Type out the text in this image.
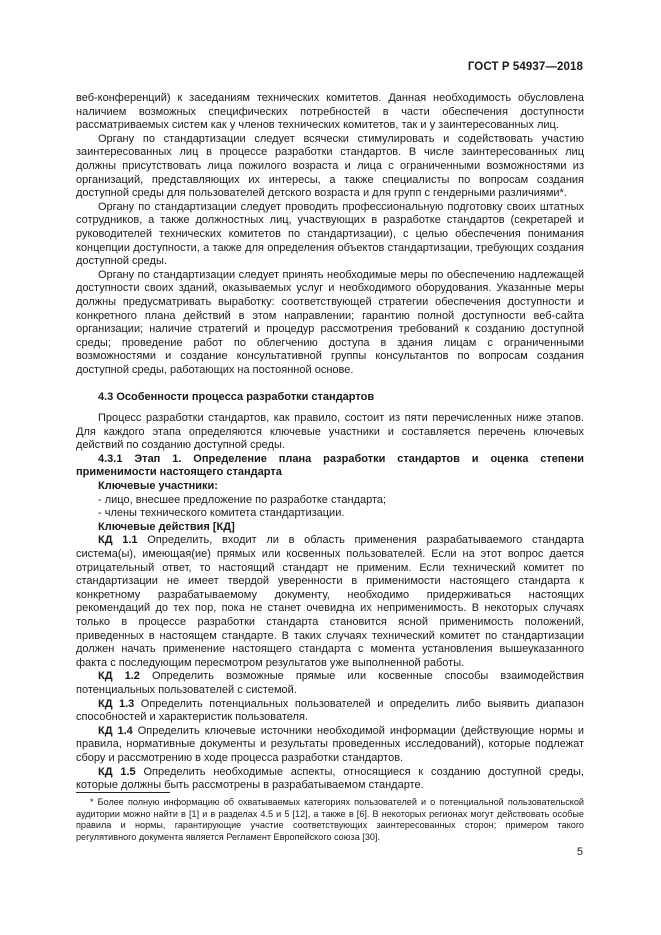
ГОСТ Р 54937—2018

веб-конференций) к заседаниям технических комитетов. Данная необходимость обусловлена наличием возможных специфических потребностей в части обеспечения доступности рассматриваемых систем как у членов технических комитетов, так и у заинтересованных лиц.

Органу по стандартизации следует всячески стимулировать и содействовать участию заинтересованных лиц в процессе разработки стандартов. В числе заинтересованных лиц должны присутствовать лица пожилого возраста и лица с ограниченными возможностями из организаций, представляющих их интересы, а также специалисты по вопросам создания доступной среды для пользователей детского возраста и для групп с гендерными различиями*.

Органу по стандартизации следует проводить профессиональную подготовку своих штатных сотрудников, а также должностных лиц, участвующих в разработке стандартов (секретарей и руководителей технических комитетов по стандартизации), с целью обеспечения понимания концепции доступности, а также для определения объектов стандартизации, требующих создания доступной среды.

Органу по стандартизации следует принять необходимые меры по обеспечению надлежащей доступности своих зданий, оказываемых услуг и необходимого оборудования. Указанные меры должны предусматривать выработку: соответствующей стратегии обеспечения доступности и конкретного плана действий в этом направлении; гарантию полной доступности веб-сайта организации; наличие стратегий и процедур рассмотрения требований к созданию доступной среды; проведение работ по облегчению доступа в здания лицам с ограниченными возможностями и создание консультативной группы консультантов по вопросам создания доступной среды, работающих на постоянной основе.

4.3 Особенности процесса разработки стандартов

Процесс разработки стандартов, как правило, состоит из пяти перечисленных ниже этапов. Для каждого этапа определяются ключевые участники и составляется перечень ключевых действий по созданию доступной среды.

4.3.1 Этап 1. Определение плана разработки стандартов и оценка степени применимости настоящего стандарта

Ключевые участники:

- лицо, внесшее предложение по разработке стандарта;

- члены технического комитета стандартизации.

Ключевые действия [КД]

КД 1.1 Определить, входит ли в область применения разрабатываемого стандарта система(ы), имеющая(ие) прямых или косвенных пользователей. Если на этот вопрос дается отрицательный ответ, то настоящий стандарт не применим. Если технический комитет по стандартизации не имеет твердой уверенности в применимости настоящего стандарта к конкретному разрабатываемому документу, необходимо придерживаться настоящих рекомендаций до тех пор, пока не станет очевидна их неприменимость. В некоторых случаях только в процессе разработки стандарта становится ясной применимость положений, приведенных в настоящем стандарте. В таких случаях технический комитет по стандартизации должен начать применение настоящего стандарта с момента установления вышеуказанного факта с последующим пересмотром результатов уже выполненной работы.

КД 1.2 Определить возможные прямые или косвенные способы взаимодействия потенциальных пользователей с системой.

КД 1.3 Определить потенциальных пользователей и определить либо выявить диапазон способностей и характеристик пользователя.

КД 1.4 Определить ключевые источники необходимой информации (действующие нормы и правила, нормативные документы и результаты проведенных исследований), которые подлежат сбору и рассмотрению в ходе процесса разработки стандартов.

КД 1.5 Определить необходимые аспекты, относящиеся к созданию доступной среды, которые должны быть рассмотрены в разрабатываемом стандарте.

* Более полную информацию об охватываемых категориях пользователей и о потенциальной пользовательской аудитории можно найти в [1] и в разделах 4.5 и 5 [12], а также в [6]. В некоторых регионах могут действовать особые правила и нормы, гарантирующие участие соответствующих заинтересованных сторон; примером такого регулятивного документа является Регламент Европейского союза [30].

5
